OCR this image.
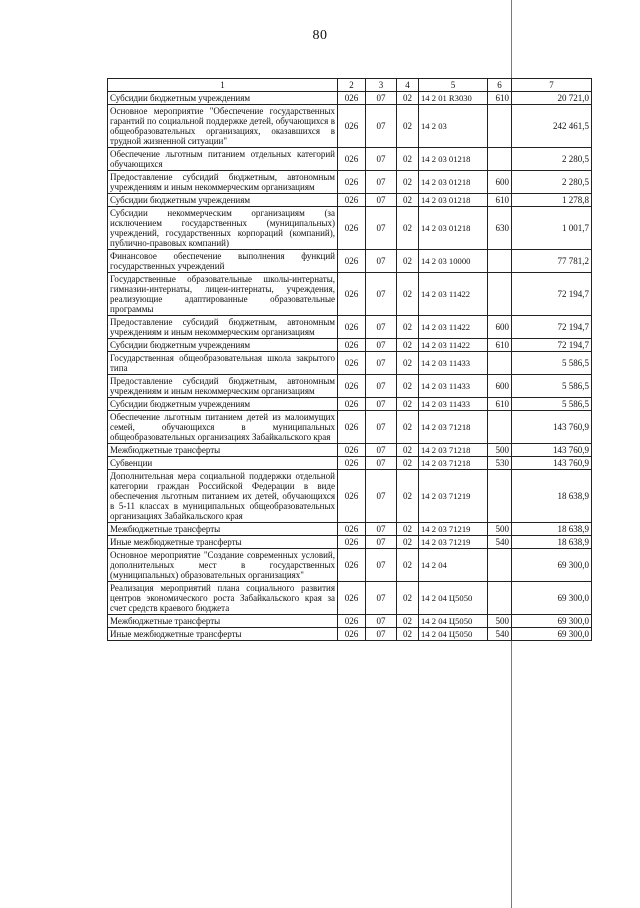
80
1	2	3	4	5	6	7
Субсидии бюджетным учреждениям	026	07	02	14 2 01 R3030	610	20 721,0
Основное мероприятие "Обеспечение государственных гарантий по социальной поддержке детей, обучающихся в общеобразовательных организациях, оказавшихся в трудной жизненной ситуации"	026	07	02	14 2 03		242 461,5
Обеспечение льготным питанием отдельных категорий обучающихся	026	07	02	14 2 03 01218		2 280,5
Предоставление субсидий бюджетным, автономным учреждениям и иным некоммерческим организациям	026	07	02	14 2 03 01218	600	2 280,5
Субсидии бюджетным учреждениям	026	07	02	14 2 03 01218	610	1 278,8
Субсидии некоммерческим организациям (за исключением государственных (муниципальных) учреждений, государственных корпораций (компаний), публично-правовых компаний)	026	07	02	14 2 03 01218	630	1 001,7
Финансовое обеспечение выполнения функций государственных учреждений	026	07	02	14 2 03 10000		77 781,2
Государственные образовательные школы-интернаты, гимназии-интернаты, лицеи-интернаты, учреждения, реализующие адаптированные образовательные программы	026	07	02	14 2 03 11422		72 194,7
Предоставление субсидий бюджетным, автономным учреждениям и иным некоммерческим организациям	026	07	02	14 2 03 11422	600	72 194,7
Субсидии бюджетным учреждениям	026	07	02	14 2 03 11422	610	72 194,7
Государственная общеобразовательная школа закрытого типа	026	07	02	14 2 03 11433		5 586,5
Предоставление субсидий бюджетным, автономным учреждениям и иным некоммерческим организациям	026	07	02	14 2 03 11433	600	5 586,5
Субсидии бюджетным учреждениям	026	07	02	14 2 03 11433	610	5 586,5
Обеспечение льготным питанием детей из малоимущих семей, обучающихся в муниципальных общеобразовательных организациях Забайкальского края	026	07	02	14 2 03 71218		143 760,9
Межбюджетные трансферты	026	07	02	14 2 03 71218	500	143 760,9
Субвенции	026	07	02	14 2 03 71218	530	143 760,9
Дополнительная мера социальной поддержки отдельной категории граждан Российской Федерации в виде обеспечения льготным питанием их детей, обучающихся в 5-11 классах в муниципальных общеобразовательных организациях Забайкальского края	026	07	02	14 2 03 71219		18 638,9
Межбюджетные трансферты	026	07	02	14 2 03 71219	500	18 638,9
Иные межбюджетные трансферты	026	07	02	14 2 03 71219	540	18 638,9
Основное мероприятие "Создание современных условий, дополнительных мест в государственных (муниципальных) образовательных организациях"	026	07	02	14 2 04		69 300,0
Реализация мероприятий плана социального развития центров экономического роста Забайкальского края за счет средств краевого бюджета	026	07	02	14 2 04 Ц5050		69 300,0
Межбюджетные трансферты	026	07	02	14 2 04 Ц5050	500	69 300,0
Иные межбюджетные трансферты	026	07	02	14 2 04 Ц5050	540	69 300,0
